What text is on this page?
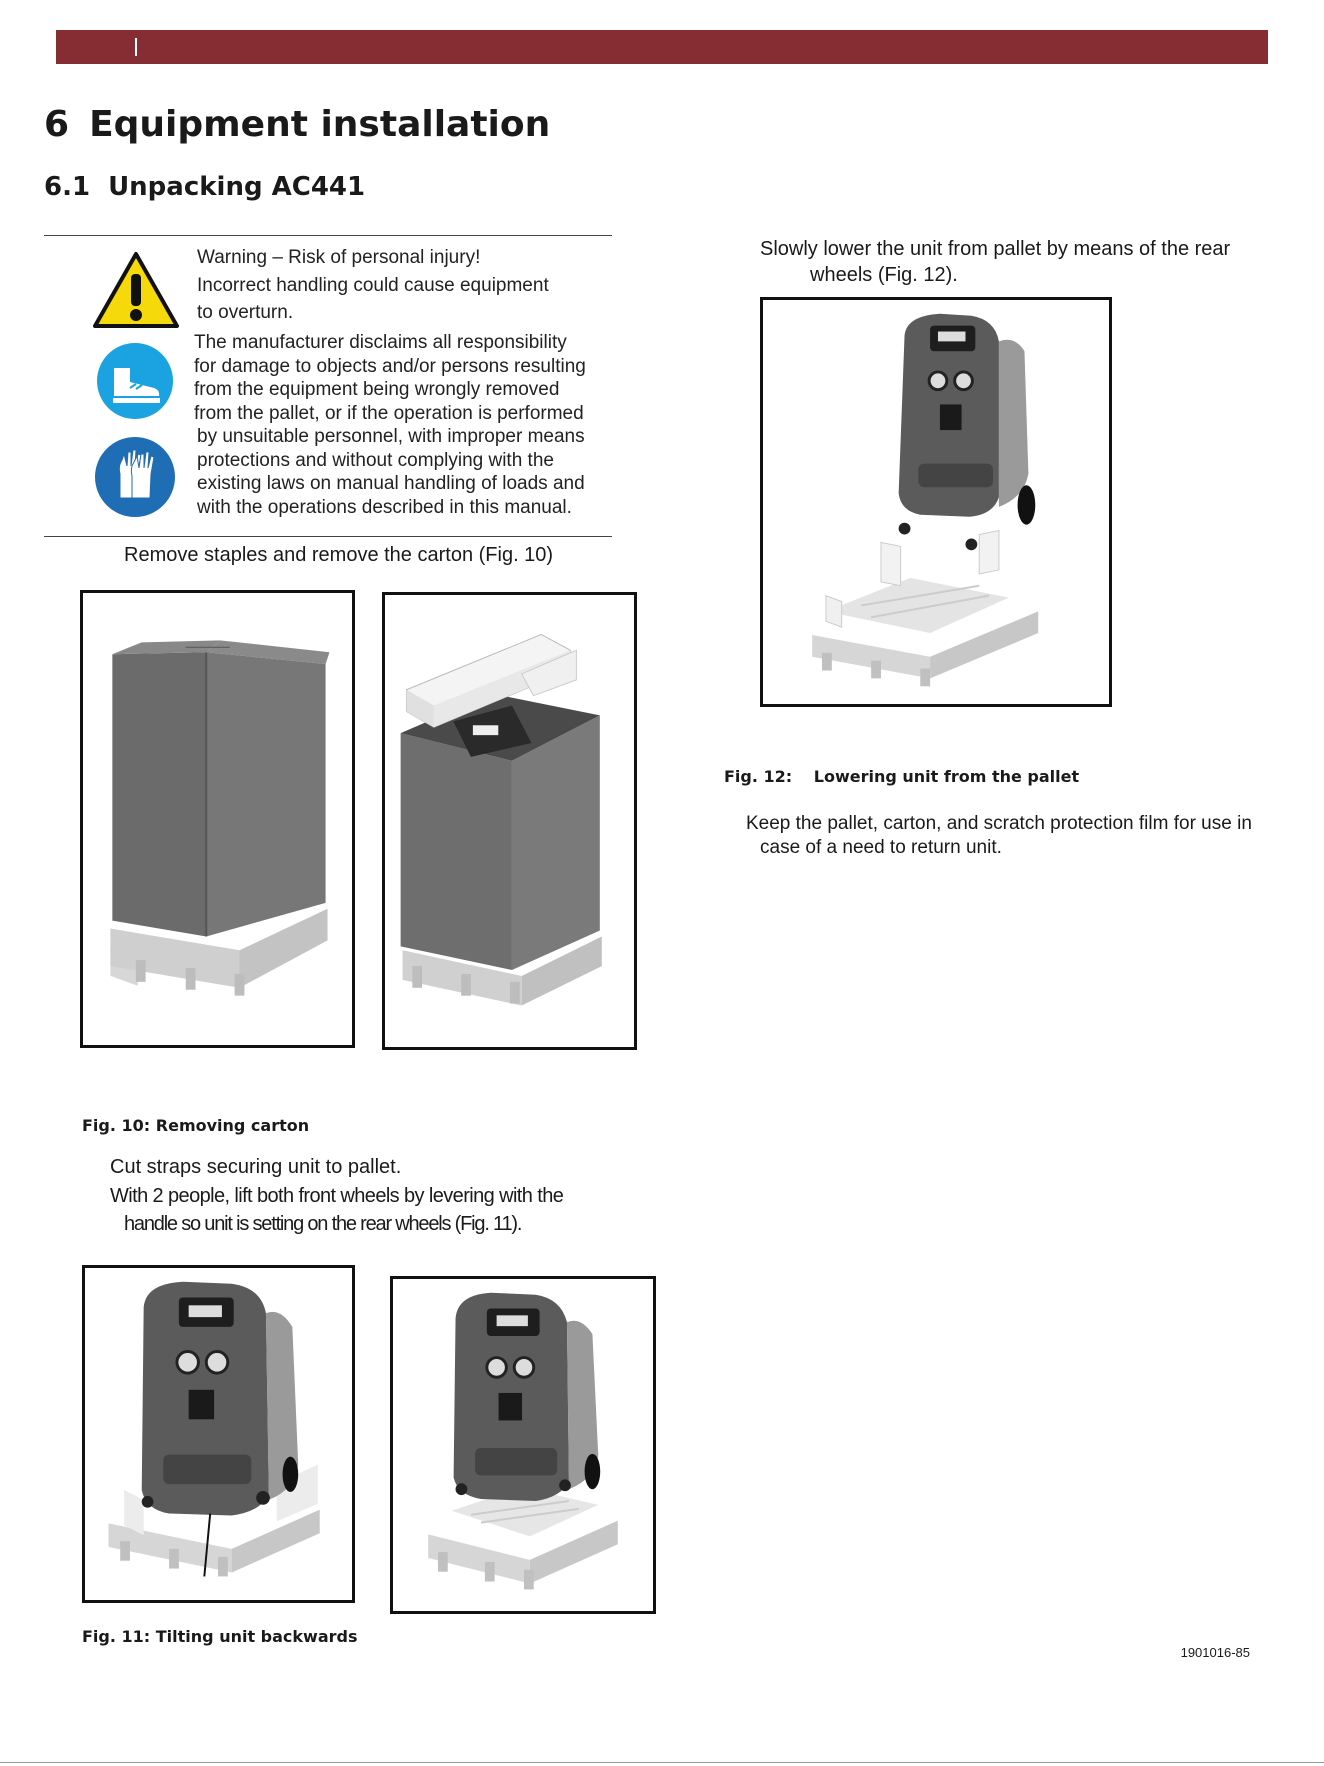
6 Equipment installation
6.1 Unpacking AC441
Warning – Risk of personal injury!
Incorrect handling could cause equipment
to overturn.
The manufacturer disclaims all responsibility
for damage to objects and/or persons resulting
from the equipment being wrongly removed
from the pallet, or if the operation is performed
by unsuitable personnel, with improper means
protections and without complying with the
existing laws on manual handling of loads and
with the operations described in this manual.
Remove staples and remove the carton (Fig. 10)
Fig. 10: Removing carton
Cut straps securing unit to pallet.
With 2 people, lift both front wheels by levering with the
handle so unit is setting on the rear wheels (Fig. 11).
Fig. 11: Tilting unit backwards
Slowly lower the unit from pallet by means of the rear
wheels (Fig. 12).
Fig. 12: Lowering unit from the pallet
Keep the pallet, carton, and scratch protection film for use in
case of a need to return unit.
1901016-85
